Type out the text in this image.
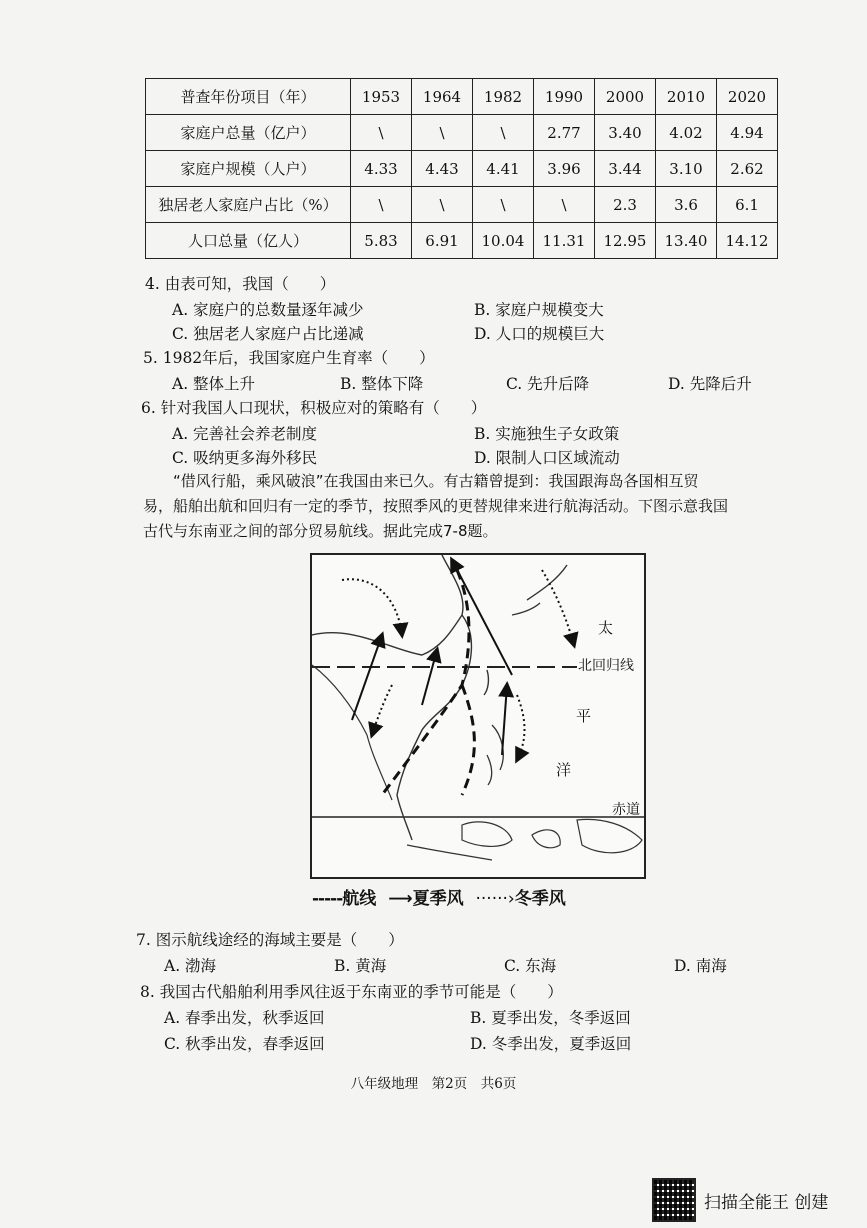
普查年份项目（年）	1953	1964	1982	1990	2000	2010	2020
家庭户总量（亿户）	\	\	\	2.77	3.40	4.02	4.94
家庭户规模（人户）	4.33	4.43	4.41	3.96	3.44	3.10	2.62
独居老人家庭户占比（%）	\	\	\	\	2.3	3.6	6.1
人口总量（亿人）	5.83	6.91	10.04	11.31	12.95	13.40	14.12
4. 由表可知，我国（　　）
A. 家庭户的总数量逐年减少	B. 家庭户规模变大
C. 独居老人家庭户占比递减	D. 人口的规模巨大
5. 1982年后，我国家庭户生育率（　　）
A. 整体上升	B. 整体下降	C. 先升后降	D. 先降后升
6. 针对我国人口现状，积极应对的策略有（　　）
A. 完善社会养老制度	B. 实施独生子女政策
C. 吸纳更多海外移民	D. 限制人口区域流动
“借风行船，乘风破浪”在我国由来已久。有古籍曾提到：我国跟海岛各国相互贸
易，船舶出航和回归有一定的季节，按照季风的更替规律来进行航海活动。下图示意我国
古代与东南亚之间的部分贸易航线。据此完成7-8题。
太
北回归线
平
洋
赤道
-----航线 ⟶夏季风 ······›冬季风
7. 图示航线途经的海域主要是（　　）
A. 渤海	B. 黄海	C. 东海	D. 南海
8. 我国古代船舶利用季风往返于东南亚的季节可能是（　　）
A. 春季出发，秋季返回	B. 夏季出发，冬季返回
C. 秋季出发，春季返回	D. 冬季出发，夏季返回
八年级地理　第2页　共6页
扫描全能王 创建
